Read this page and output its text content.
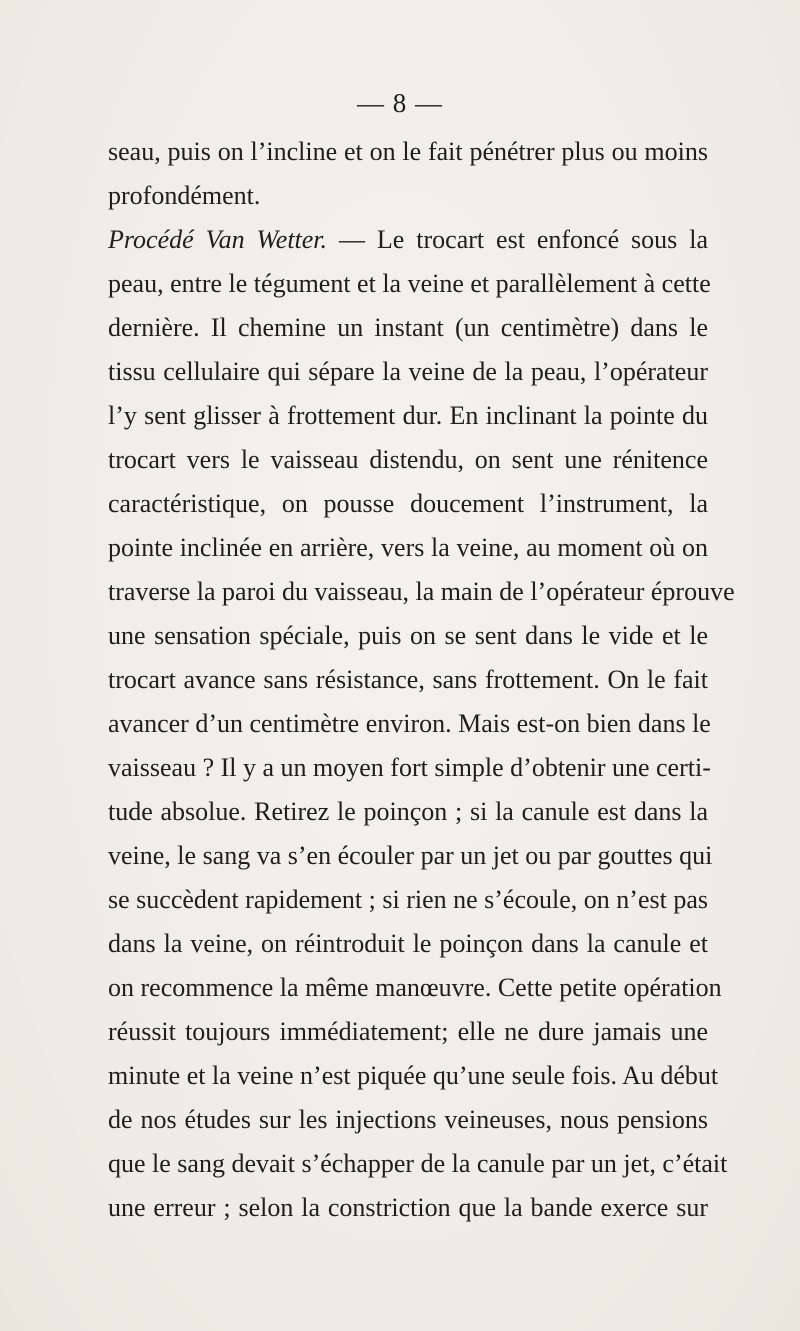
— 8 —
seau, puis on l’incline et on le fait pénétrer plus ou moins
profondément.
Procédé Van Wetter. — Le trocart est enfoncé sous la
peau, entre le tégument et la veine et parallèlement à cette
dernière. Il chemine un instant (un centimètre) dans le
tissu cellulaire qui sépare la veine de la peau, l’opérateur
l’y sent glisser à frottement dur. En inclinant la pointe du
trocart vers le vaisseau distendu, on sent une rénitence
caractéristique, on pousse doucement l’instrument, la
pointe inclinée en arrière, vers la veine, au moment où on
traverse la paroi du vaisseau, la main de l’opérateur éprouve
une sensation spéciale, puis on se sent dans le vide et le
trocart avance sans résistance, sans frottement. On le fait
avancer d’un centimètre environ. Mais est-on bien dans le
vaisseau ? Il y a un moyen fort simple d’obtenir une certi-
tude absolue. Retirez le poinçon ; si la canule est dans la
veine, le sang va s’en écouler par un jet ou par gouttes qui
se succèdent rapidement ; si rien ne s’écoule, on n’est pas
dans la veine, on réintroduit le poinçon dans la canule et
on recommence la même manœuvre. Cette petite opération
réussit toujours immédiatement; elle ne dure jamais une
minute et la veine n’est piquée qu’une seule fois. Au début
de nos études sur les injections veineuses, nous pensions
que le sang devait s’échapper de la canule par un jet, c’était
une erreur ; selon la constriction que la bande exerce sur
